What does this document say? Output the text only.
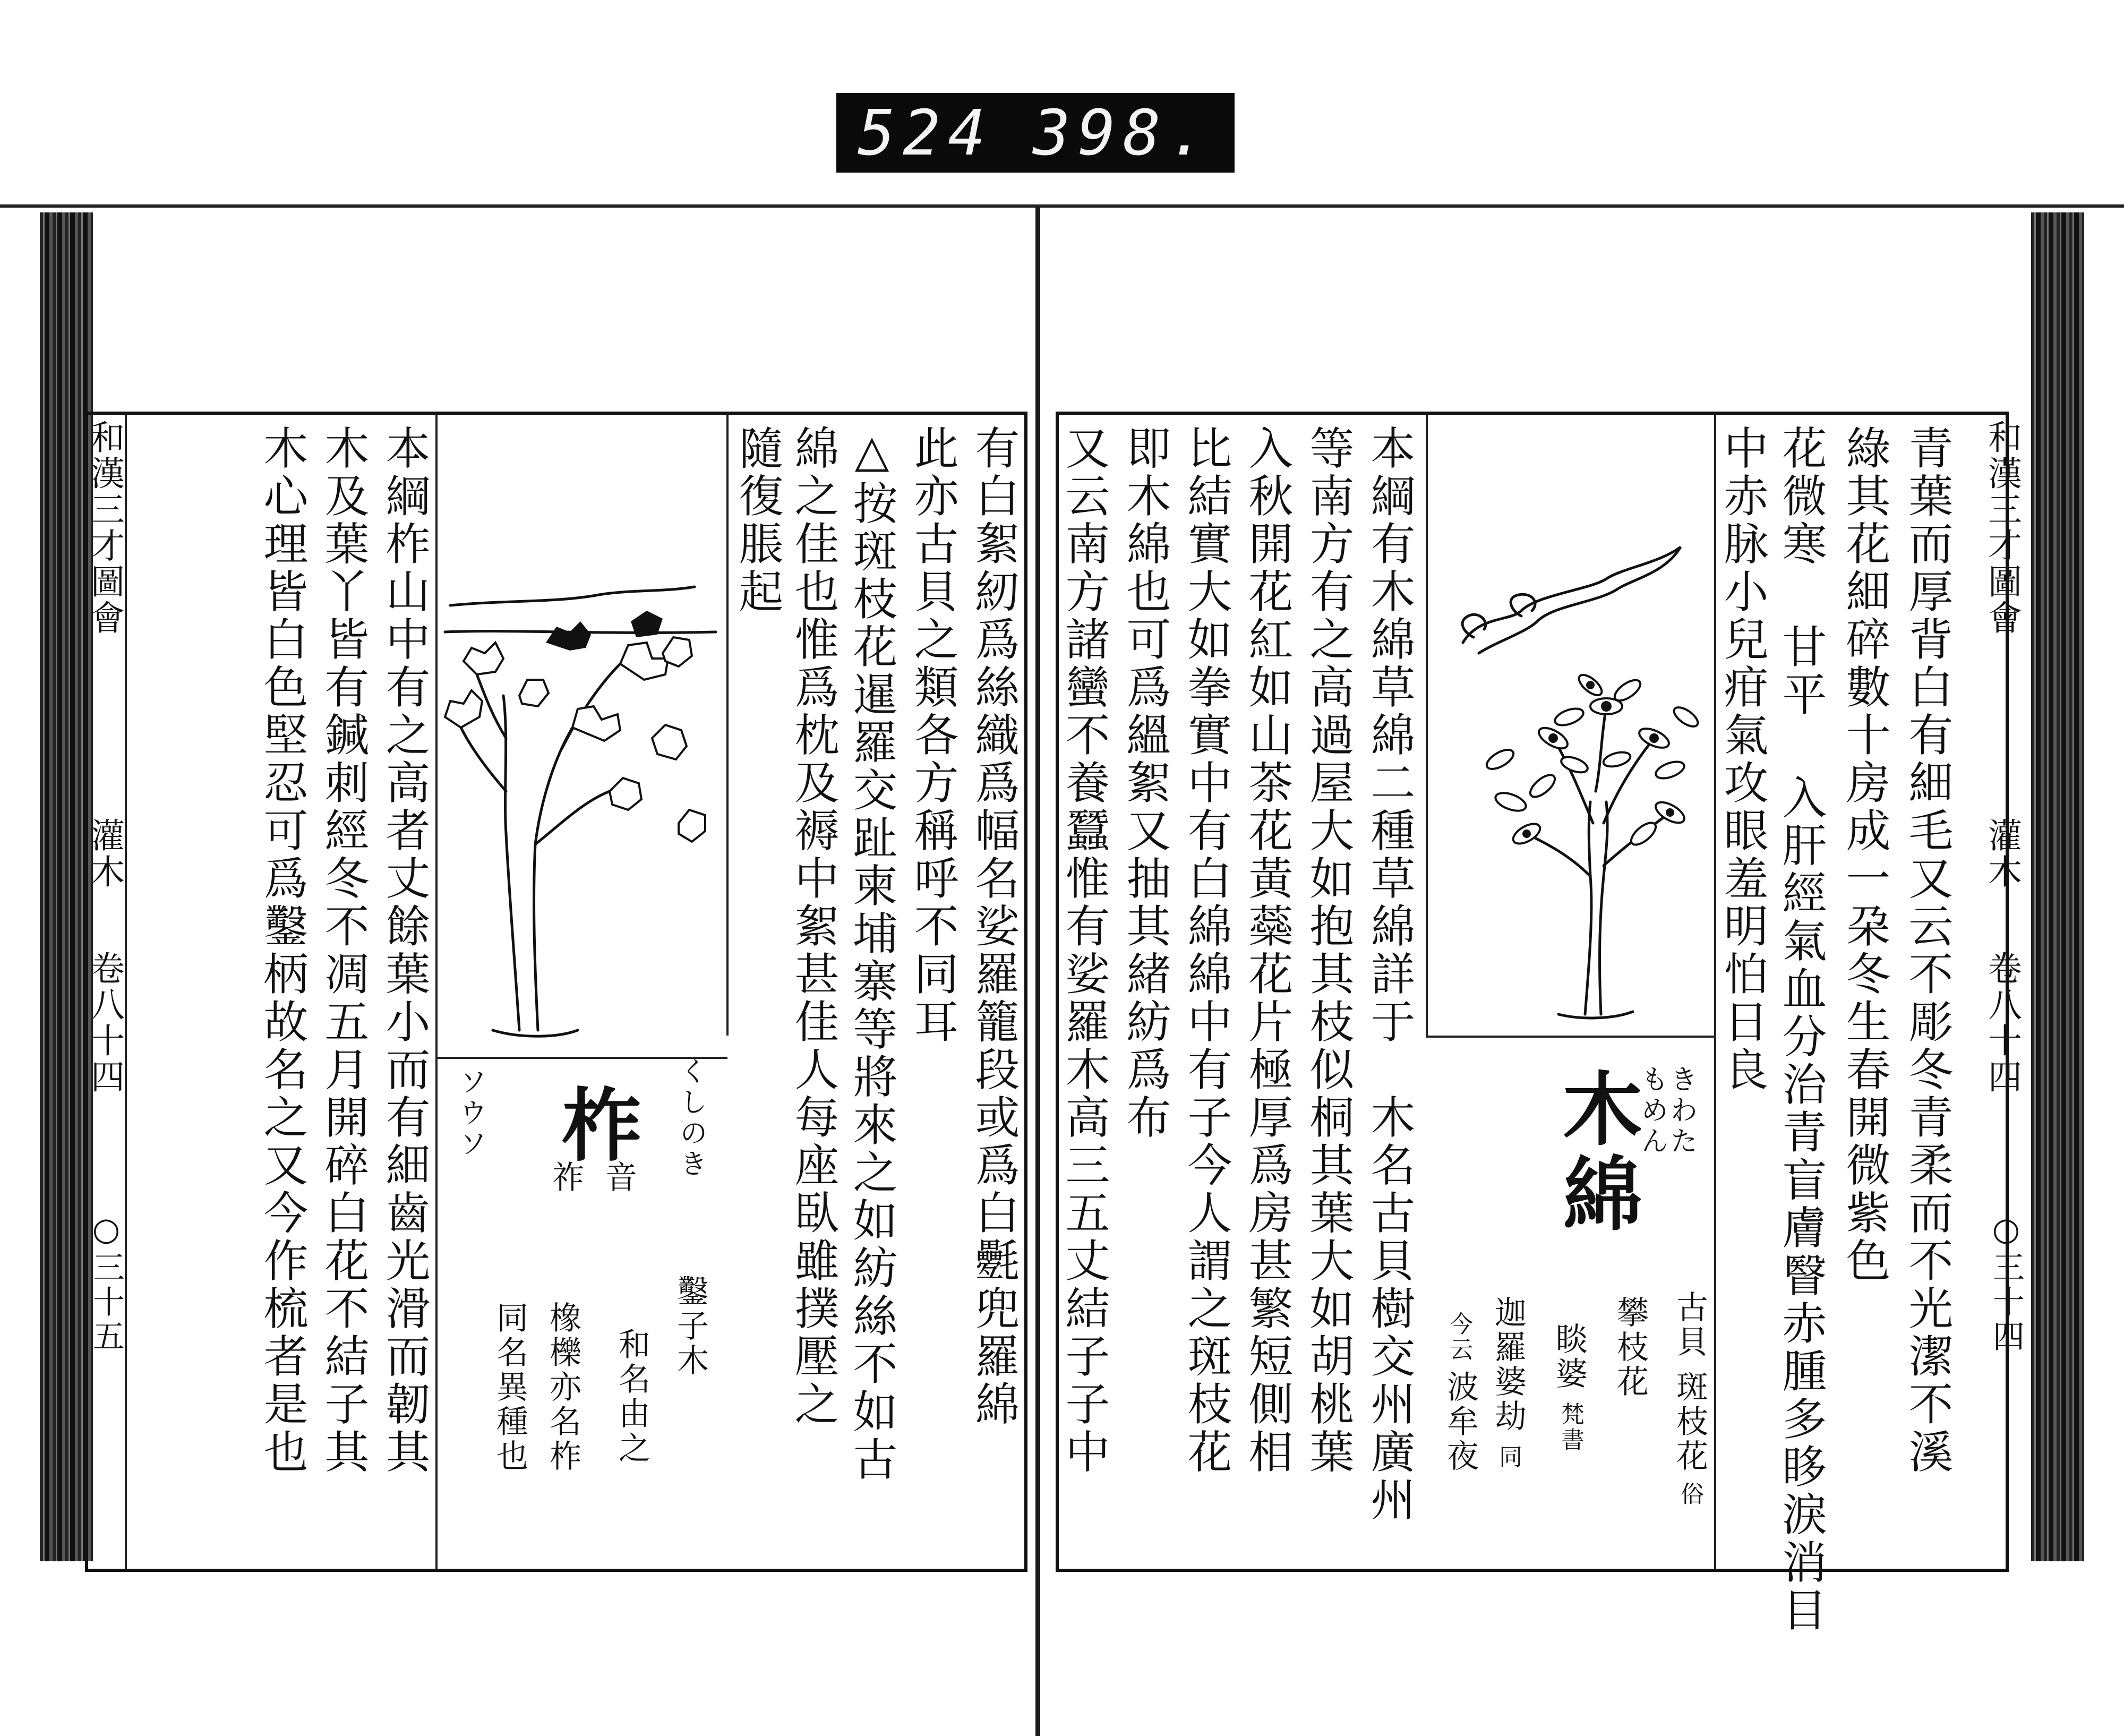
524 398.
和漢三才圖會
灌木
卷八十四
○三十四
青葉而厚背白有細毛又云不彫冬青柔而不光潔不溪
綠其花細碎數十房成一朶冬生春開微紫色
花微寒 甘平 入肝經氣血分治青盲膚瞖赤腫多眵淚消目
中赤脉小兒疳氣攻眼羞明怕日良
木綿 きわた
もめん
古貝
斑枝花
俗
攀枝花
睒婆
梵書
迦羅婆劫
同
今云
波牟夜
本綱有木綿草綿二種草綿詳于
木名古貝樹交州廣州
等南方有之高過屋大如抱其枝似桐其葉大如胡桃葉
入秋開花紅如山茶花黃蘂花片極厚爲房甚繁短側相
比結實大如拳實中有白綿綿中有子今人謂之斑枝花
即木綿也可爲縕絮又抽其緒紡爲布
又云南方諸蠻不養蠶惟有娑羅木高三五丈結子子中
和漢三才圖會
灌木
卷八十四
○三十五	有白絮紉爲絲織爲幅名娑羅籠段或爲白氎兜羅綿
此亦古貝之類各方稱呼不同耳
△按斑枝花暹羅交趾柬埔寨等將來之如紡絲不如古
綿之佳也惟爲枕及褥中絮甚佳人每座臥雖撲壓之
隨復脹起
柞
音
祚
ソウソ	くしのき
鑿子木
和名由之
橡櫟亦名柞
同名異種也
本綱柞山中有之高者丈餘葉小而有細齒光滑而韌其
木及葉丫皆有鍼刺經冬不凋五月開碎白花不結子其
木心理皆白色堅忍可爲鑿柄故名之又今作梳者是也
